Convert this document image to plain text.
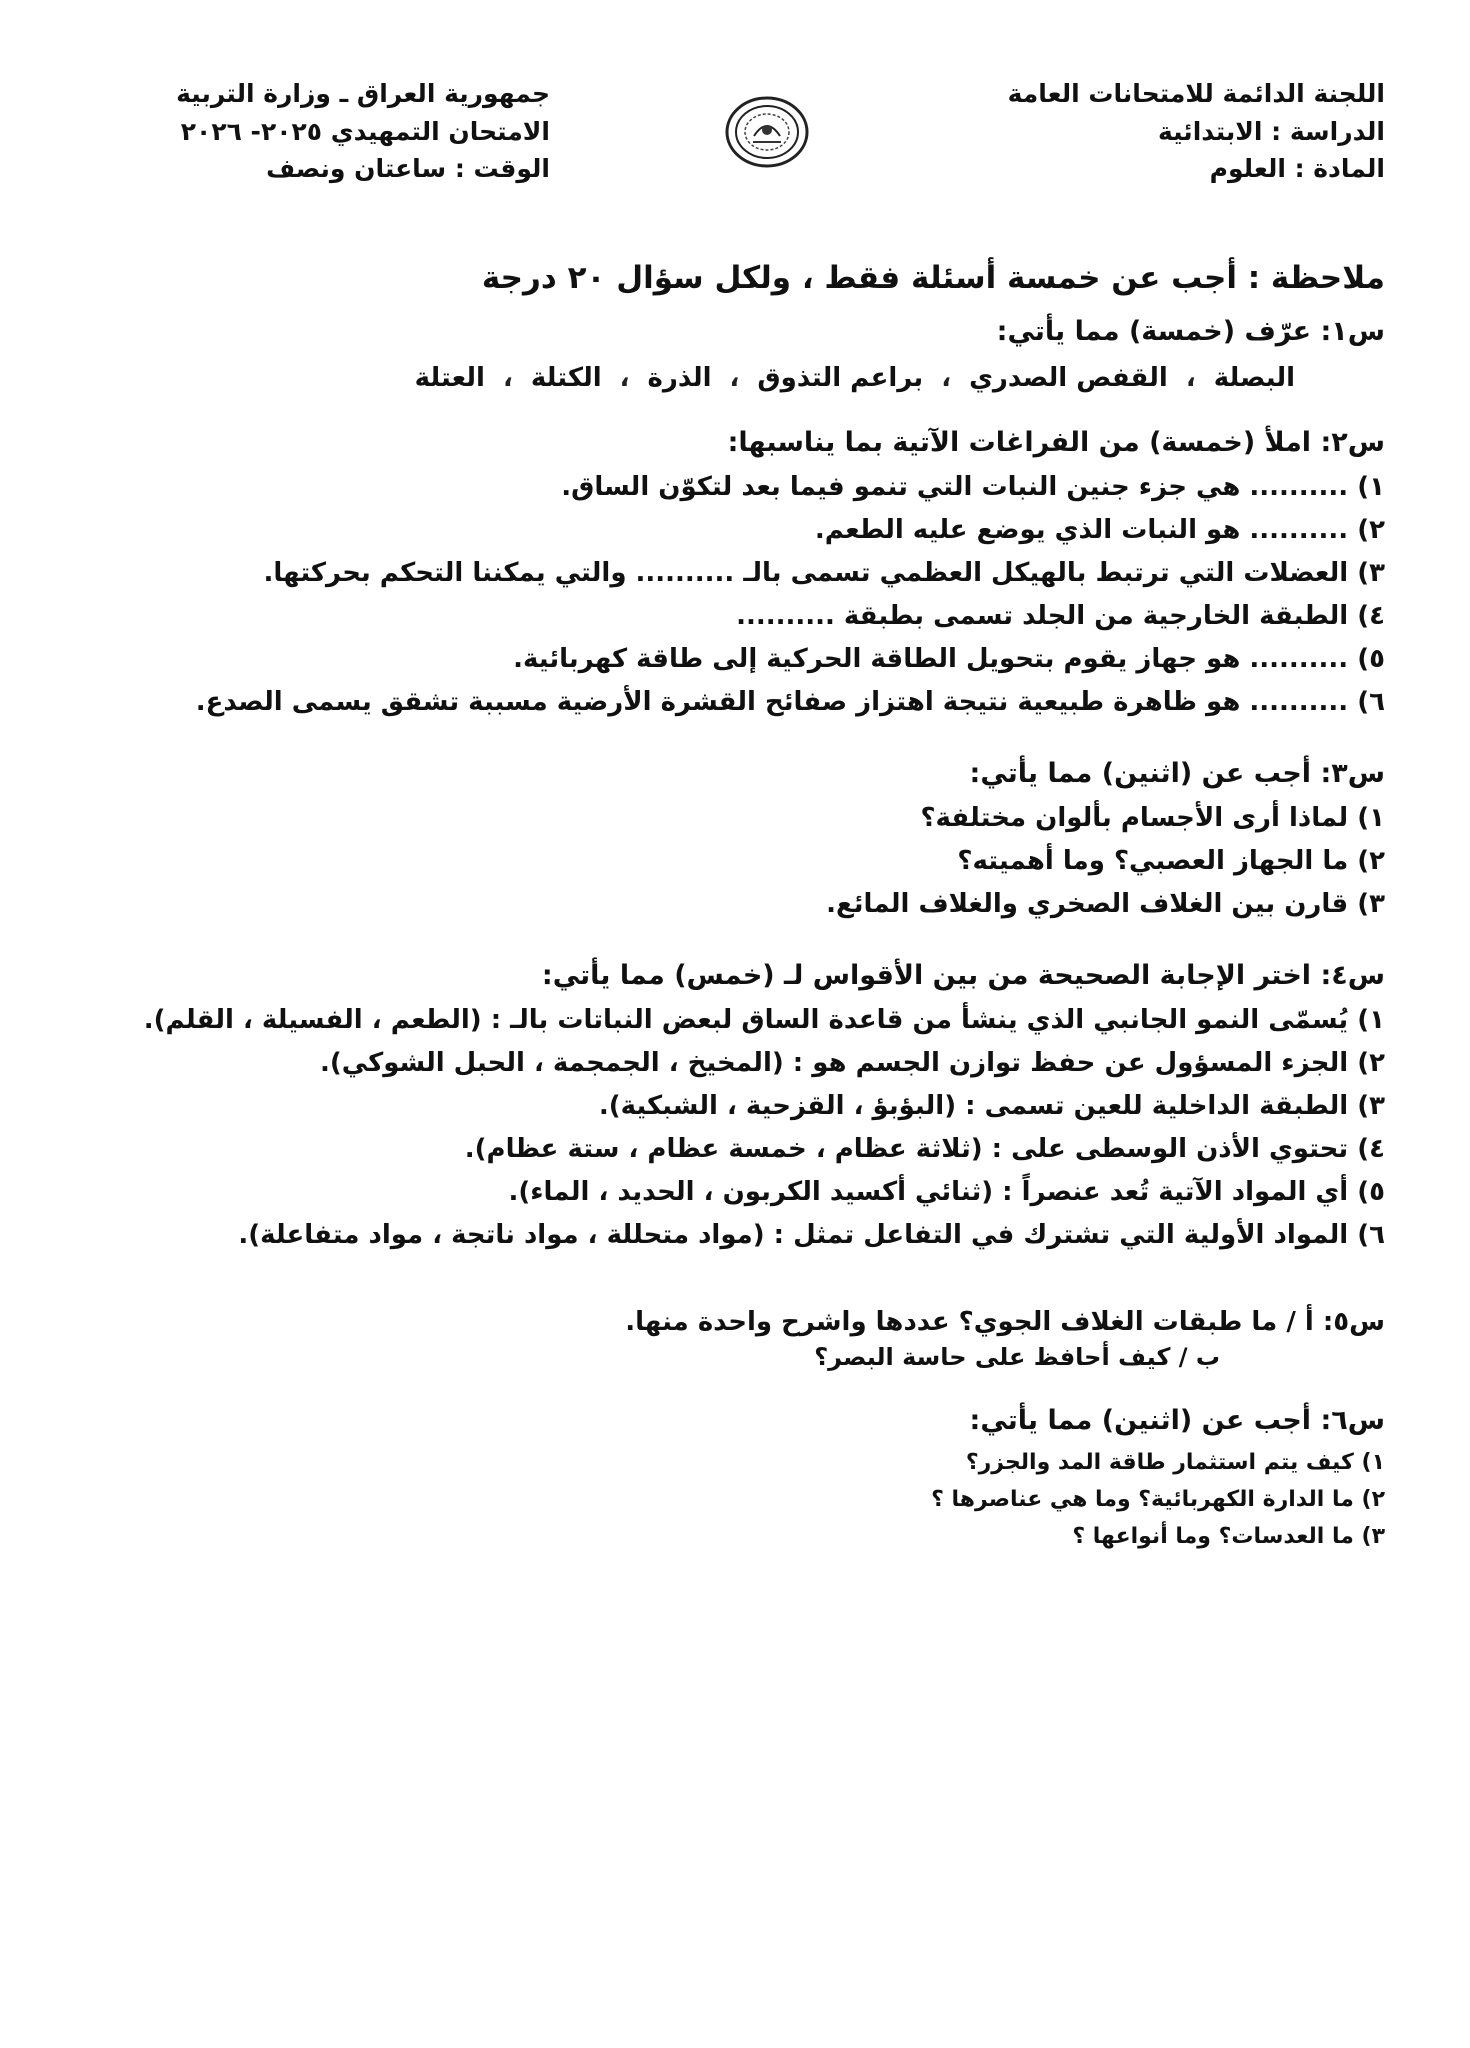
اللجنة الدائمة للامتحانات العامة
الدراسة : الابتدائية
المادة : العلوم
جمهورية العراق ـ وزارة التربية
الامتحان التمهيدي ٢٠٢٥- ٢٠٢٦
الوقت : ساعتان ونصف
ملاحظة : أجب عن خمسة أسئلة فقط ، ولكل سؤال ٢٠ درجة
س١: عرّف (خمسة) مما يأتي:
البصلة
،
القفص الصدري
،
براعم التذوق
،
الذرة
،
الكتلة
،
العتلة
س٢: املأ (خمسة) من الفراغات الآتية بما يناسبها:
١) .......... هي جزء جنين النبات التي تنمو فيما بعد لتكوّن الساق.
٢) .......... هو النبات الذي يوضع عليه الطعم.
٣) العضلات التي ترتبط بالهيكل العظمي تسمى بالـ .......... والتي يمكننا التحكم بحركتها.
٤) الطبقة الخارجية من الجلد تسمى بطبقة ..........
٥) .......... هو جهاز يقوم بتحويل الطاقة الحركية إلى طاقة كهربائية.
٦) .......... هو ظاهرة طبيعية نتيجة اهتزاز صفائح القشرة الأرضية مسببة تشقق يسمى الصدع.
س٣: أجب عن (اثنين) مما يأتي:
١) لماذا أرى الأجسام بألوان مختلفة؟
٢) ما الجهاز العصبي؟ وما أهميته؟
٣) قارن بين الغلاف الصخري والغلاف المائع.
س٤: اختر الإجابة الصحيحة من بين الأقواس لـ (خمس) مما يأتي:
١) يُسمّى النمو الجانبي الذي ينشأ من قاعدة الساق لبعض النباتات بالـ : (الطعم ، الفسيلة ، القلم).
٢) الجزء المسؤول عن حفظ توازن الجسم هو : (المخيخ ، الجمجمة ، الحبل الشوكي).
٣) الطبقة الداخلية للعين تسمى : (البؤبؤ ، القزحية ، الشبكية).
٤) تحتوي الأذن الوسطى على : (ثلاثة عظام ، خمسة عظام ، ستة عظام).
٥) أي المواد الآتية تُعد عنصراً : (ثنائي أكسيد الكربون ، الحديد ، الماء).
٦) المواد الأولية التي تشترك في التفاعل تمثل : (مواد متحللة ، مواد ناتجة ، مواد متفاعلة).
س٥: أ / ما طبقات الغلاف الجوي؟ عددها واشرح واحدة منها.
ب / كيف أحافظ على حاسة البصر؟
س٦: أجب عن (اثنين) مما يأتي:
١) كيف يتم استثمار طاقة المد والجزر؟
٢) ما الدارة الكهربائية؟ وما هي عناصرها ؟
٣) ما العدسات؟ وما أنواعها ؟
